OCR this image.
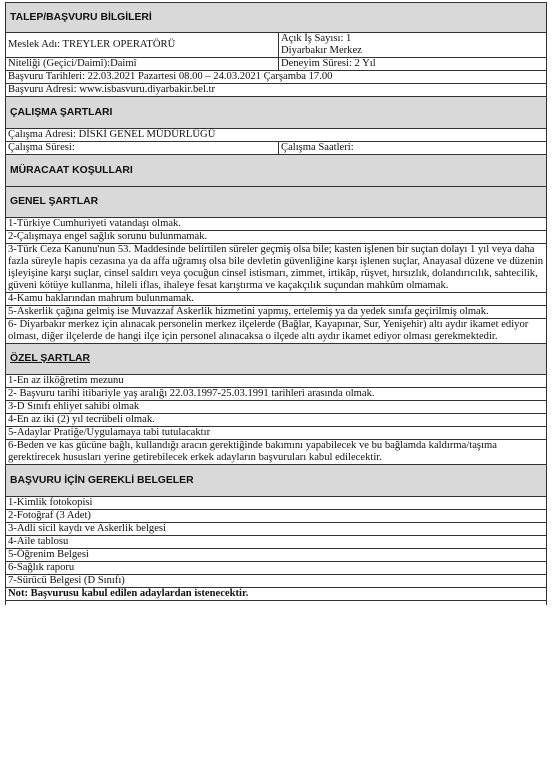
TALEP/BAŞVURU BİLGİLERİ	
Meslek Adı: TREYLER OPERATÖRÜ	Açık İş Sayısı: 1
Diyarbakır Merkez

Niteliği (Geçici/Daimî):Daimî	Deneyim Süresi: 2 Yıl
Başvuru Tarihleri: 22.03.2021 Pazartesi 08.00 – 24.03.2021 Çarşamba 17.00	
Başvuru Adresi: www.isbasvuru.diyarbakir.bel.tr	
ÇALIŞMA ŞARTLARI	
Çalışma Adresi: DİSKİ GENEL MÜDÜRLÜĞÜ	
Çalışma Süresi:	Çalışma Saatleri:
MÜRACAAT KOŞULLARI	
GENEL ŞARTLAR	
1-Türkiye Cumhuriyeti vatandaşı olmak.	
2-Çalışmaya engel sağlık sorunu bulunmamak.	
3-Türk Ceza Kanunu'nun 53. Maddesinde belirtilen süreler geçmiş olsa bile; kasten işlenen bir suçtan dolayı 1 yıl veya daha fazla süreyle hapis cezasına ya da affa uğramış olsa bile devletin güvenliğine karşı işlenen suçlar, Anayasal düzene ve düzenin işleyişine karşı suçlar, cinsel saldırı veya çocuğun cinsel istismarı, zimmet, irtikâp, rüşvet, hırsızlık, dolandırıcılık, sahtecilik, güveni kötüye kullanma, hileli iflas, ihaleye fesat karıştırma ve kaçakçılık suçundan mahkûm olmamak.	
4-Kamu haklarından mahrum bulunmamak.	
5-Askerlik çağına gelmiş ise Muvazzaf Askerlik hizmetini yapmış, ertelemiş ya da yedek sınıfa geçirilmiş olmak.	
6- Diyarbakır merkez için alınacak personelin merkez ilçelerde (Bağlar, Kayapınar, Sur, Yenişehir) altı aydır ikamet ediyor olması, diğer ilçelerde de hangi ilçe için personel alınacaksa o ilçede altı aydır ikamet ediyor olması gerekmektedir.	
ÖZEL ŞARTLAR	
1-En az ilköğretim mezunu	
2- Başvuru tarihi itibariyle yaş aralığı 22.03.1997-25.03.1991 tarihleri arasında olmak.	
3-D Sınıfı ehliyet sahibi olmak	
4-En az iki (2) yıl tecrübeli olmak.	
5-Adaylar Pratiğe/Uygulamaya tabi tutulacaktır	
6-Beden ve kas gücüne bağlı, kullandığı aracın gerektiğinde bakımını yapabilecek ve bu bağlamda kaldırma/taşıma gerektirecek hususları yerine getirebilecek erkek adayların başvuruları kabul edilecektir.	
BAŞVURU İÇİN GEREKLİ BELGELER	
1-Kimlik fotokopisi	
2-Fotoğraf (3 Adet)	
3-Adli sicil kaydı ve Askerlik belgesi	
4-Aile tablosu	
5-Öğrenim Belgesi	
6-Sağlık raporu	
7-Sürücü Belgesi (D Sınıfı)	
Not: Başvurusu kabul edilen adaylardan istenecektir.	
